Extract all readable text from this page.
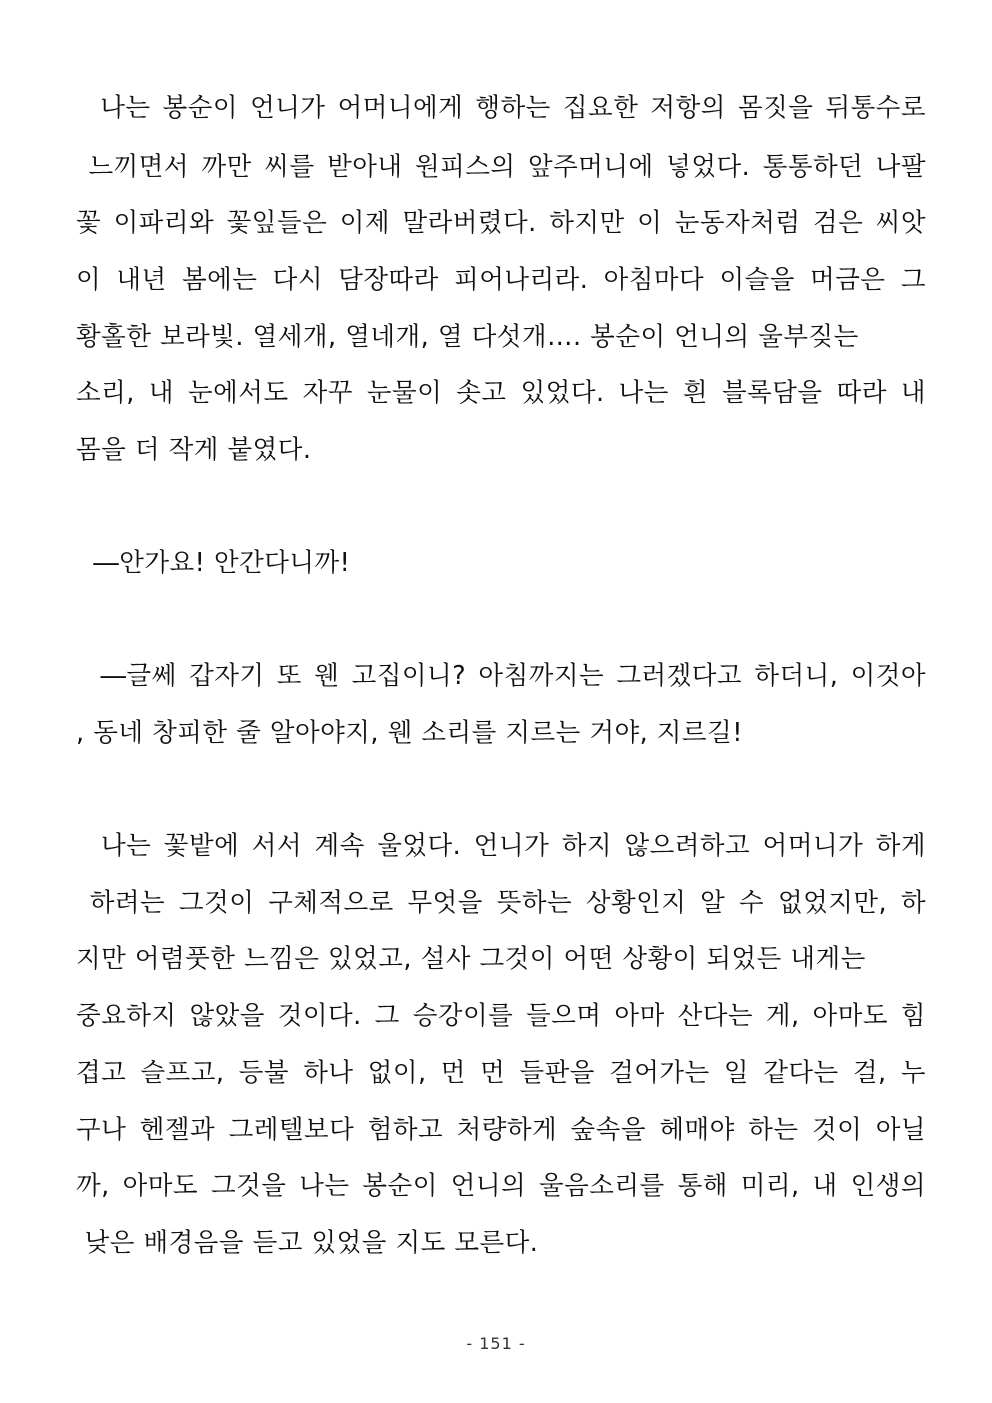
나는 봉순이 언니가 어머니에게 행하는 집요한 저항의 몸짓을 뒤통수로
느끼면서 까만 씨를 받아내 원피스의 앞주머니에 넣었다. 통통하던 나팔
꽃 이파리와 꽃잎들은 이제 말라버렸다. 하지만 이 눈동자처럼 검은 씨앗
이 내년 봄에는 다시 담장따라 피어나리라. 아침마다 이슬을 머금은 그
황홀한 보라빛. 열세개, 열네개, 열 다섯개…. 봉순이 언니의 울부짖는
소리, 내 눈에서도 자꾸 눈물이 솟고 있었다. 나는 흰 블록담을 따라 내
몸을 더 작게 붙였다.
―안가요! 안간다니까!
―글쎄 갑자기 또 웬 고집이니? 아침까지는 그러겠다고 하더니, 이것아
, 동네 창피한 줄 알아야지, 웬 소리를 지르는 거야, 지르길!
나는 꽃밭에 서서 계속 울었다. 언니가 하지 않으려하고 어머니가 하게
하려는 그것이 구체적으로 무엇을 뜻하는 상황인지 알 수 없었지만, 하
지만 어렴풋한 느낌은 있었고, 설사 그것이 어떤 상황이 되었든 내게는
중요하지 않았을 것이다. 그 승강이를 들으며 아마 산다는 게, 아마도 힘
겹고 슬프고, 등불 하나 없이, 먼 먼 들판을 걸어가는 일 같다는 걸, 누
구나 헨젤과 그레텔보다 험하고 처량하게 숲속을 헤매야 하는 것이 아닐
까, 아마도 그것을 나는 봉순이 언니의 울음소리를 통해 미리, 내 인생의
낮은 배경음을 듣고 있었을 지도 모른다.
- 151 -
